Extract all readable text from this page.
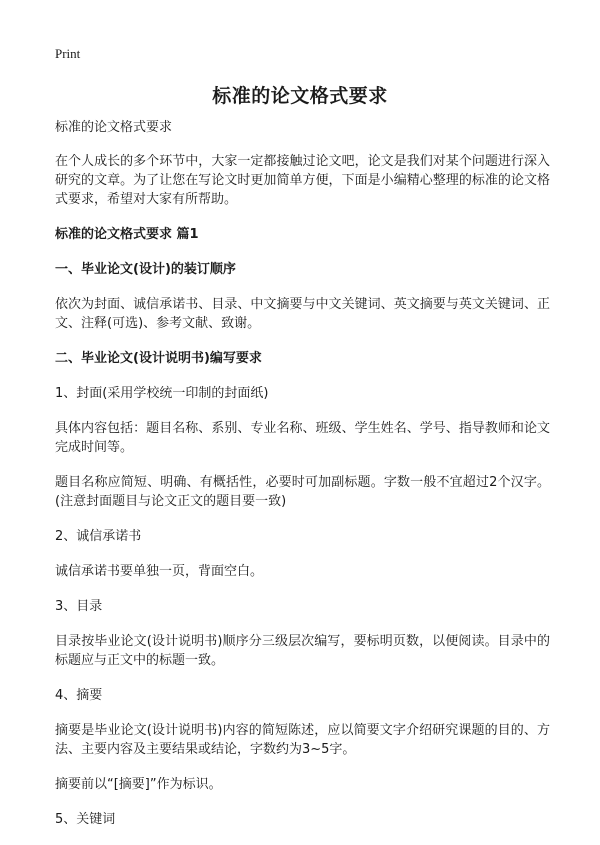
Print
标准的论文格式要求

标准的论文格式要求

在个人成长的多个环节中，大家一定都接触过论文吧，论文是我们对某个问题进行深入研究的文章。为了让您在写论文时更加简单方便，下面是小编精心整理的标准的论文格式要求，希望对大家有所帮助。

标准的论文格式要求 篇1

一、毕业论文(设计)的装订顺序

依次为封面、诚信承诺书、目录、中文摘要与中文关键词、英文摘要与英文关键词、正文、注释(可选)、参考文献、致谢。

二、毕业论文(设计说明书)编写要求

1、封面(采用学校统一印制的封面纸)

具体内容包括：题目名称、系别、专业名称、班级、学生姓名、学号、指导教师和论文完成时间等。

题目名称应简短、明确、有概括性，必要时可加副标题。字数一般不宜超过2个汉字。(注意封面题目与论文正文的题目要一致)

2、诚信承诺书

诚信承诺书要单独一页，背面空白。

3、目录

目录按毕业论文(设计说明书)顺序分三级层次编写，要标明页数，以便阅读。目录中的标题应与正文中的标题一致。

4、摘要

摘要是毕业论文(设计说明书)内容的简短陈述，应以简要文字介绍研究课题的目的、方法、主要内容及主要结果或结论，字数约为3~5字。

摘要前以“[摘要]”作为标识。

5、关键词
